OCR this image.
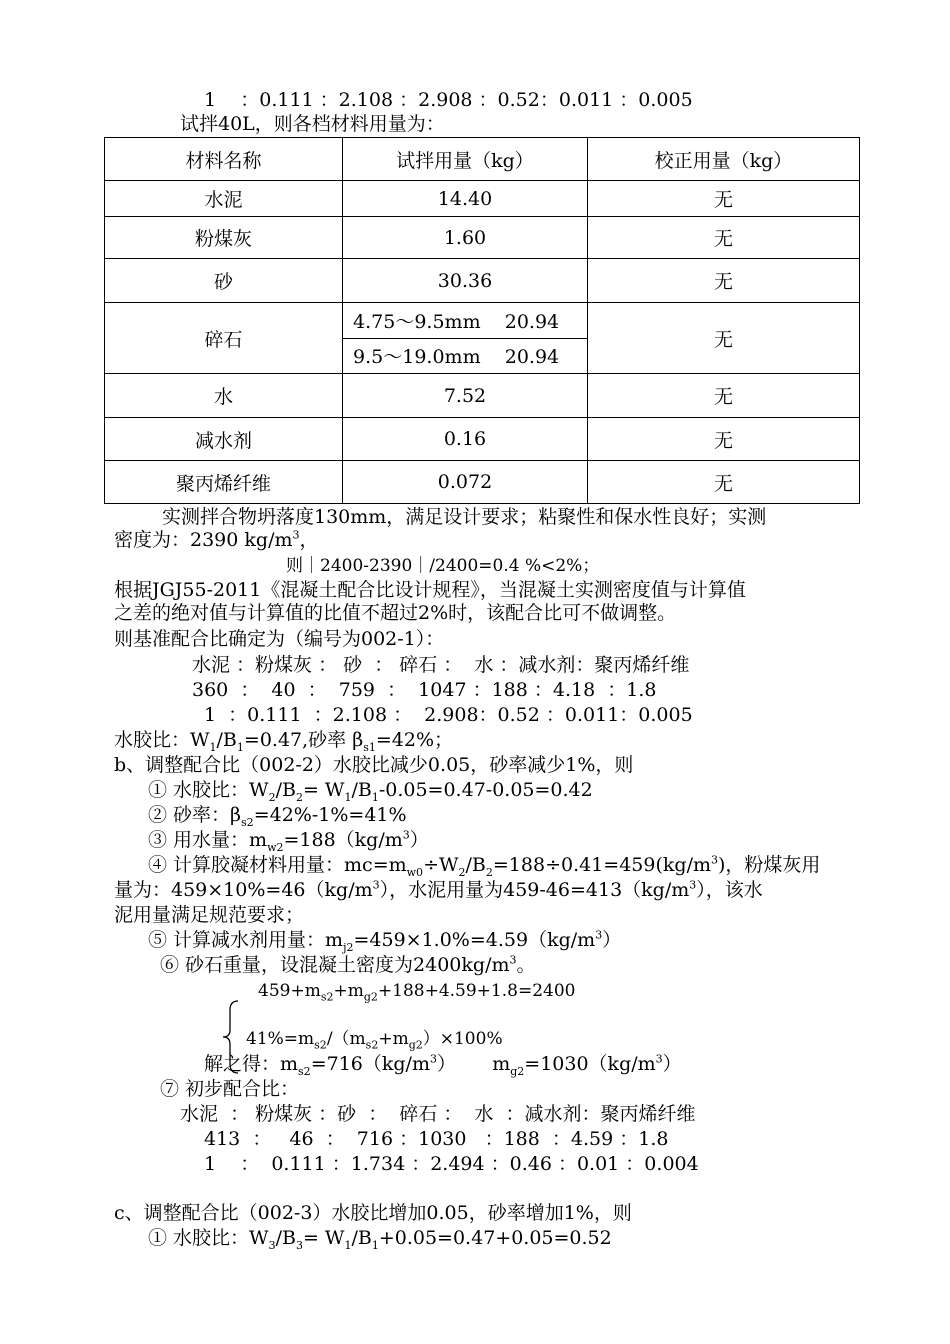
1    ：0.111 ：2.108 ：2.908 ：0.52：0.011 ：0.005
试拌40L，则各档材料用量为：
材料名称	试拌用量（kg）	校正用量（kg）
水泥	14.40	无
粉煤灰	1.60	无
砂	30.36	无
碎石	4.75～9.5mm    20.94
9.5～19.0mm    20.94	无
水	7.52	无
减水剂	0.16	无
聚丙烯纤维	0.072	无
实测拌合物坍落度130mm，满足设计要求；粘聚性和保水性良好；实测
密度为：2390 $kg/m^3$，
则｜2400-2390｜/2400=0.4 %<2%；
根据JGJ55-2011《混凝土配合比设计规程》，当混凝土实测密度值与计算值
之差的绝对值与计算值的比值不超过2%时，该配合比可不做调整。
则基准配合比确定为（编号为002-1）：
水泥 ：粉煤灰 ： 砂  ： 碎石 ：  水 ：减水剂：聚丙烯纤维
360  ：  40  ：  759  ：  1047 ：188 ：4.18  ：1.8
1  ：0.111  ：2.108 ：  2.908：0.52 ：0.011：0.005
水胶比：$W_1/B_1=0.47$,砂率 $\beta_{s1}=42\%$；
b、调整配合比（002-2）水胶比减少0.05，砂率减少1%，则
① 水胶比：$W_2/B_2= W_1/B_1-0.05=0.47-0.05=0.42$
② 砂率：$\beta_{s2}=42\%-1\%=41\%$
③ 用水量：$m_{w2}=188(kg/m^3)$
④ 计算胶凝材料用量：$mc=m_{w0}\div W_2/B_2=188\div 0.41=459(kg/m^3)$，粉煤灰用
量为：$459\times 10\%=46(kg/m^3)$，水泥用量为$459-46=413(kg/m^3)$，该水
泥用量满足规范要求；
⑤ 计算减水剂用量：$m_{j2}=459\times 1.0\%=4.59(kg/m^3)$
⑥ 砂石重量，设混凝土密度为$2400kg/m^3$。
$459+m_{s2}+m_{g2}+188+4.59+1.8=2400$
$41\%=m_{s2}/(m_{s2}+m_{g2})\times 100\%$
解之得：$m_{s2}=716(kg/m^3)$      $m_{g2}=1030(kg/m^3)$
⑦ 初步配合比：
水泥  ： 粉煤灰 ：砂  ：  碎石 ：  水  ：减水剂：聚丙烯纤维
413  ：   46  ：  716 ：1030   ：188  ：4.59 ：1.8
1    ：  0.111 ：1.734 ：2.494 ：0.46 ：0.01 ：0.004
c、调整配合比（002-3）水胶比增加0.05，砂率增加1%，则
① 水胶比：$W_3/B_3= W_1/B_1+0.05=0.47+0.05=0.52$
